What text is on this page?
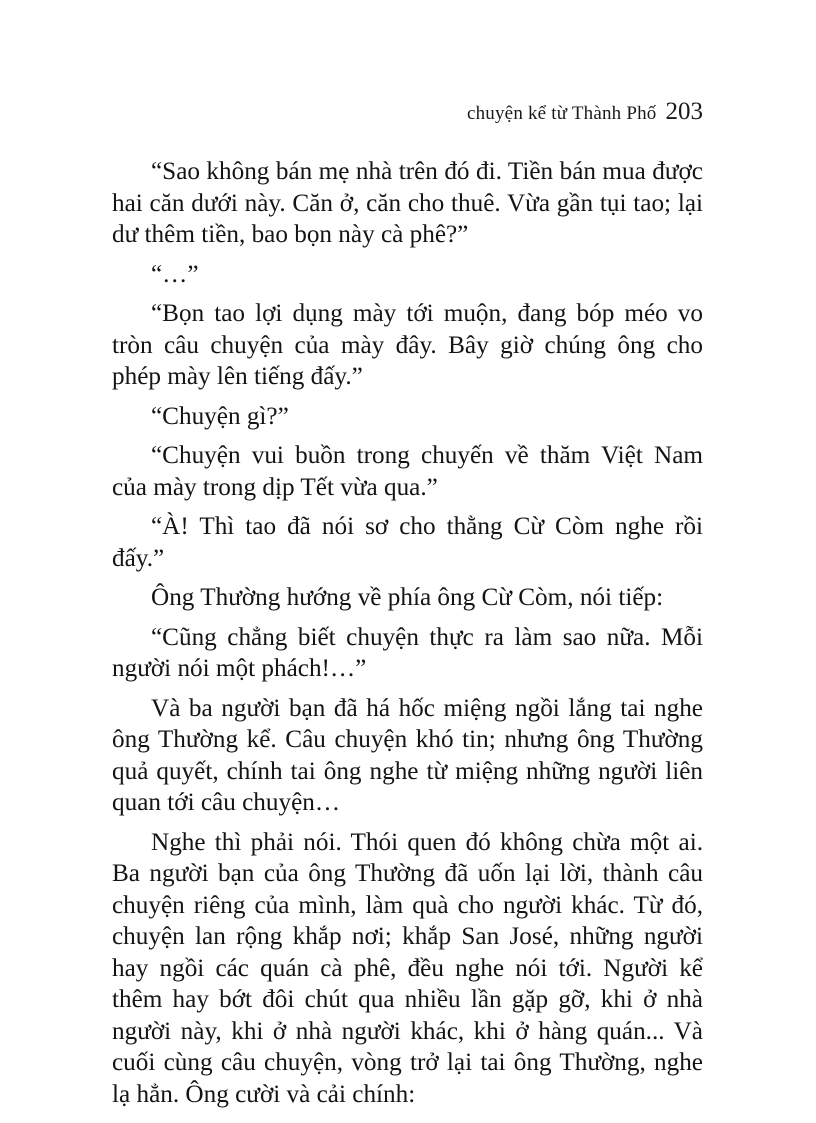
chuyện kể từ Thành Phố 203

“Sao không bán mẹ nhà trên đó đi. Tiền bán mua được hai căn dưới này. Căn ở, căn cho thuê. Vừa gần tụi tao; lại dư thêm tiền, bao bọn này cà phê?”

“…”

“Bọn tao lợi dụng mày tới muộn, đang bóp méo vo tròn câu chuyện của mày đây. Bây giờ chúng ông cho phép mày lên tiếng đấy.”

“Chuyện gì?”

“Chuyện vui buồn trong chuyến về thăm Việt Nam của mày trong dịp Tết vừa qua.”

“À! Thì tao đã nói sơ cho thằng Cừ Còm nghe rồi đấy.”

Ông Thường hướng về phía ông Cừ Còm, nói tiếp:

“Cũng chẳng biết chuyện thực ra làm sao nữa. Mỗi người nói một phách!…”

Và ba người bạn đã há hốc miệng ngồi lắng tai nghe ông Thường kể. Câu chuyện khó tin; nhưng ông Thường quả quyết, chính tai ông nghe từ miệng những người liên quan tới câu chuyện…

Nghe thì phải nói. Thói quen đó không chừa một ai. Ba người bạn của ông Thường đã uốn lại lời, thành câu chuyện riêng của mình, làm quà cho người khác. Từ đó, chuyện lan rộng khắp nơi; khắp San José, những người hay ngồi các quán cà phê, đều nghe nói tới. Người kể thêm hay bớt đôi chút qua nhiều lần gặp gỡ, khi ở nhà người này, khi ở nhà người khác, khi ở hàng quán... Và cuối cùng câu chuyện, vòng trở lại tai ông Thường, nghe lạ hẳn. Ông cười và cải chính:
